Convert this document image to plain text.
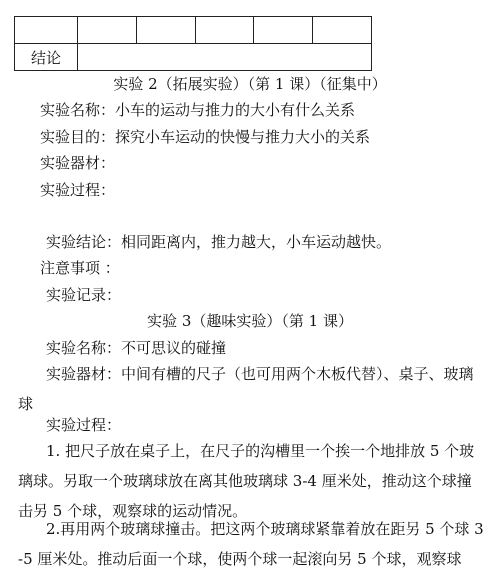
结论					
实验 2（拓展实验）（第 1 课）（征集中）
实验名称：小车的运动与推力的大小有什么关系
实验目的：探究小车运动的快慢与推力大小的关系
实验器材：
实验过程：
实验结论：相同距离内，推力越大，小车运动越快。
注意事项 ：
实验记录：
实验 3（趣味实验）（第 1 课）
实验名称：不可思议的碰撞
实验器材：中间有槽的尺子（也可用两个木板代替）、桌子、玻璃球
实验过程：
1. 把尺子放在桌子上，在尺子的沟槽里一个挨一个地排放 5 个玻璃球。另取一个玻璃球放在离其他玻璃球 3-4 厘米处，推动这个球撞击另 5 个球，观察球的运动情况。
2.再用两个玻璃球撞击。把这两个玻璃球紧靠着放在距另 5 个球 3-5 厘米处。推动后面一个球，使两个球一起滚向另 5 个球，观察球
